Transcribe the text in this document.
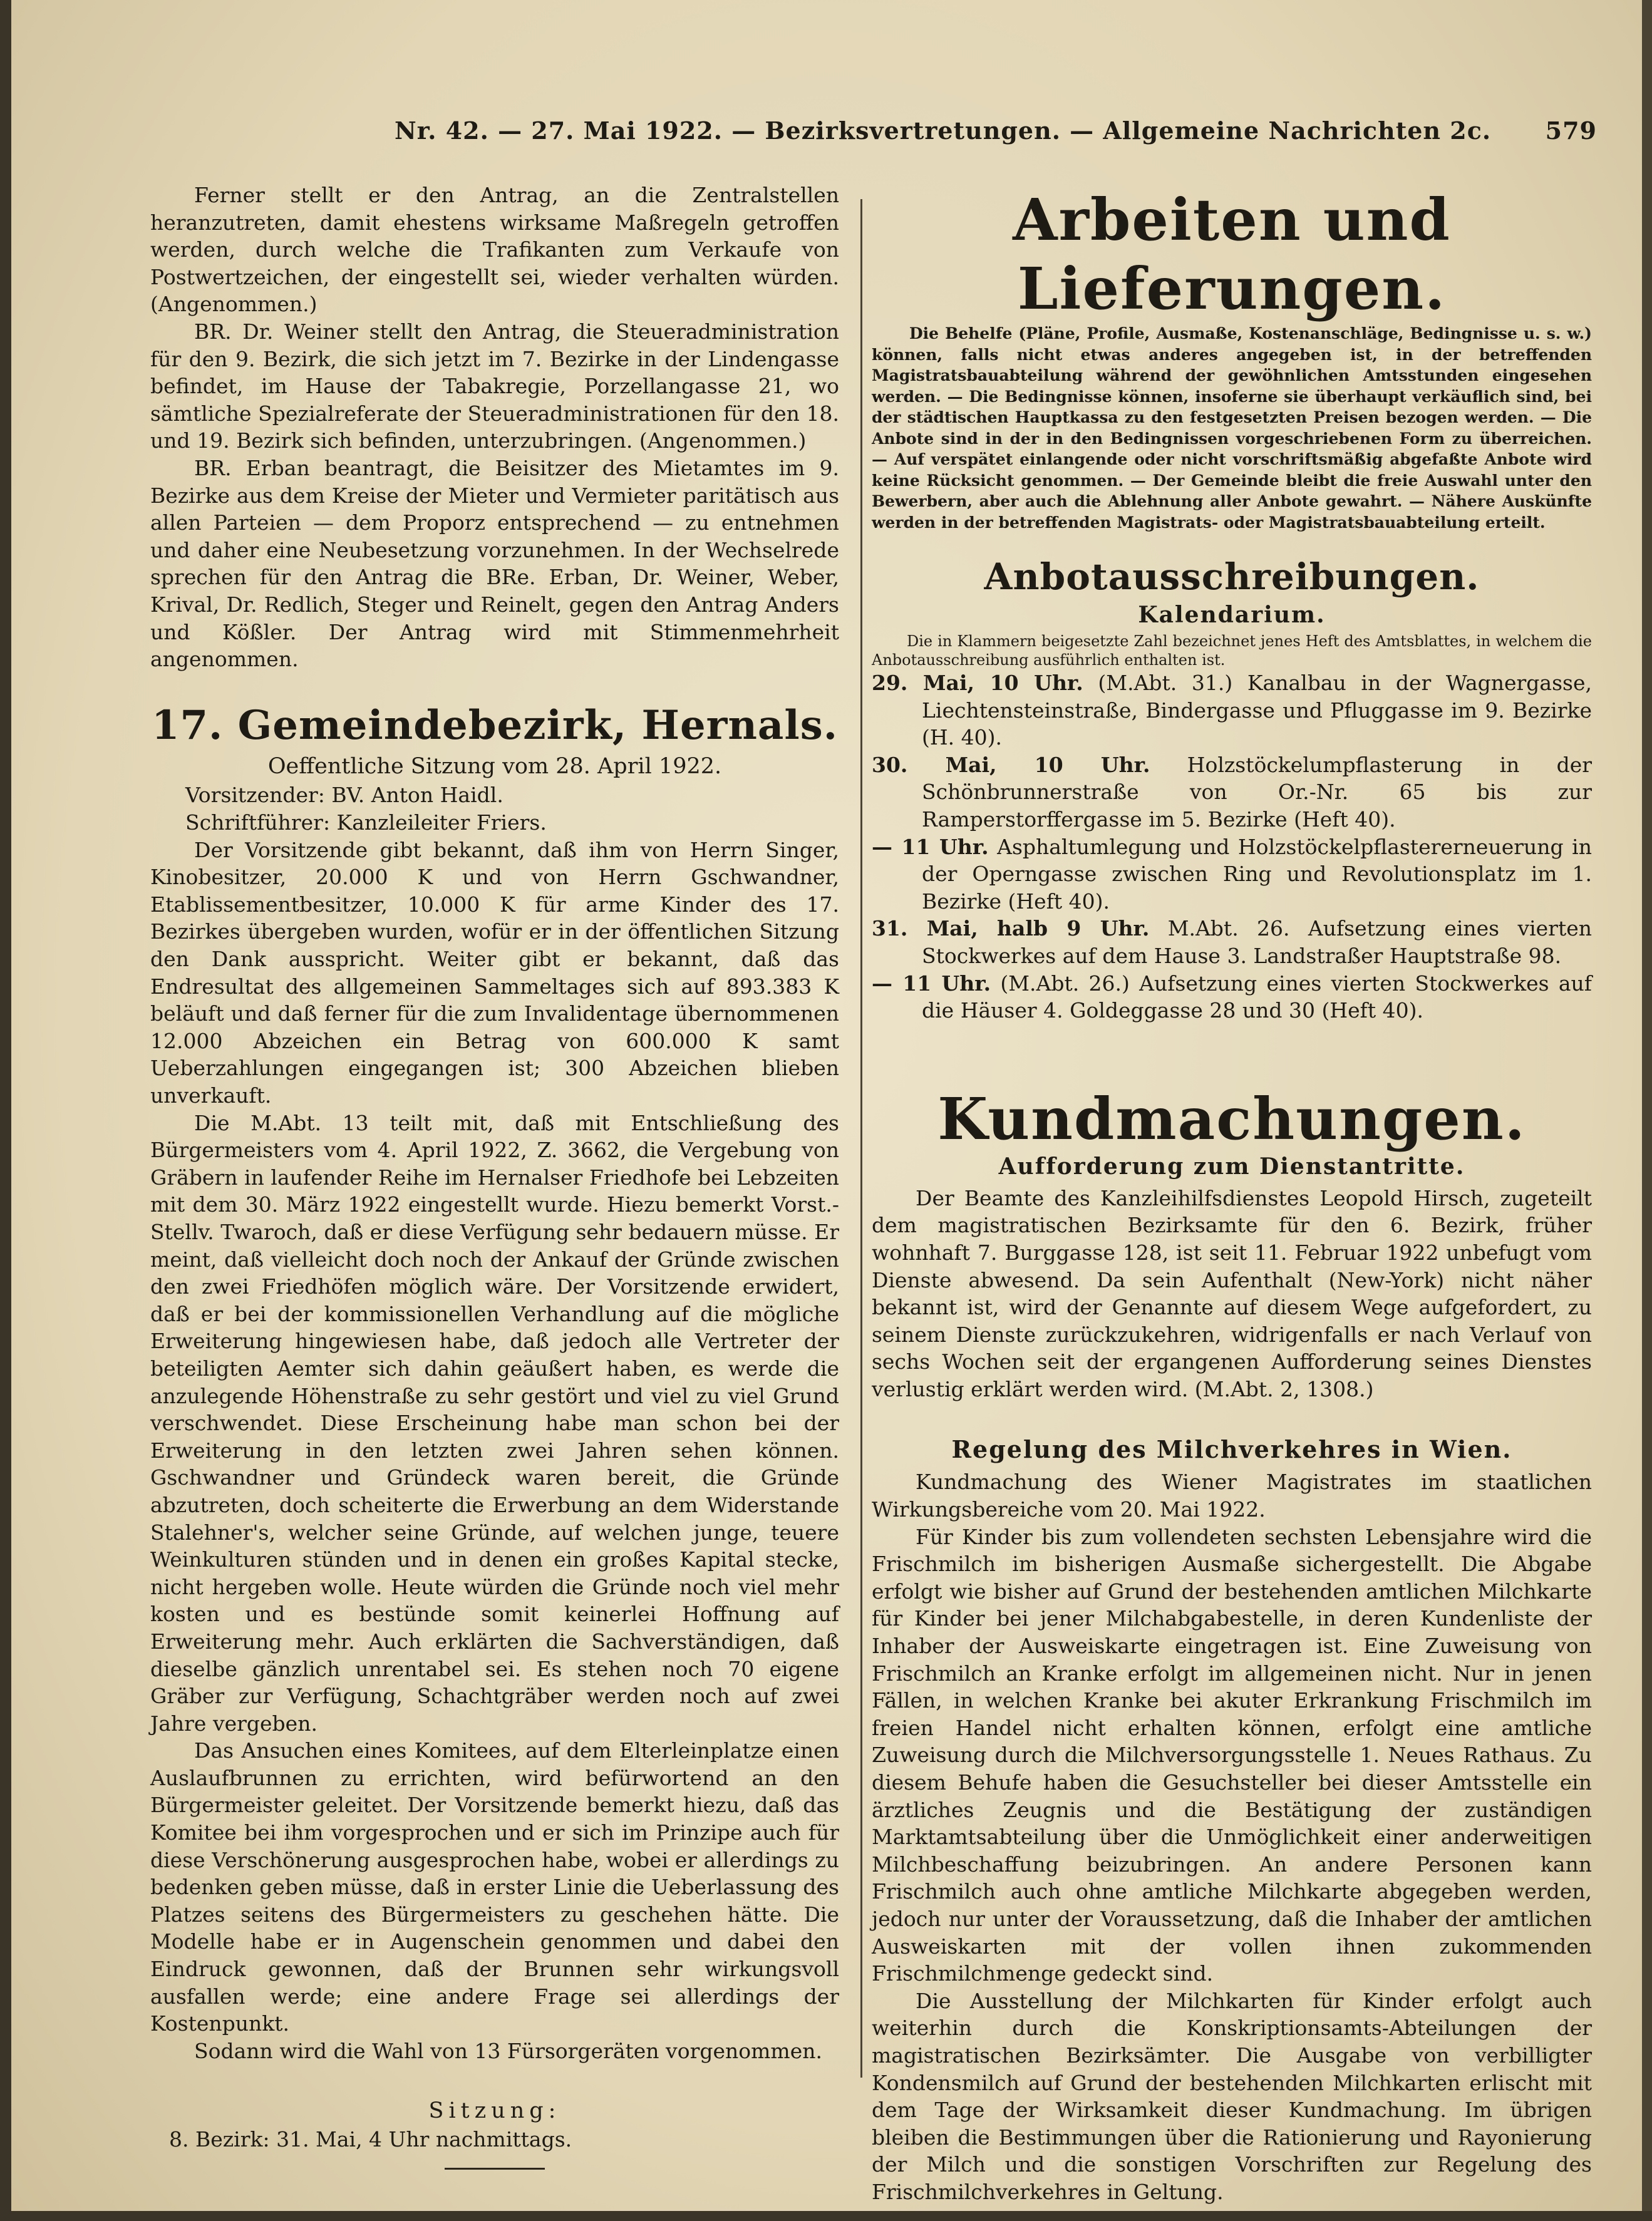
Nr. 42. — 27. Mai 1922. — Bezirksvertretungen. — Allgemeine Nachrichten 2c. 579

Ferner stellt er den Antrag, an die Zentralstellen heranzutreten, damit ehestens wirksame Maßregeln getroffen werden, durch welche die Trafikanten zum Verkaufe von Postwertzeichen, der eingestellt sei, wieder verhalten würden. (Angenommen.)

BR. Dr. Weiner stellt den Antrag, die Steueradministration für den 9. Bezirk, die sich jetzt im 7. Bezirke in der Lindengasse befindet, im Hause der Tabakregie, Porzellangasse 21, wo sämtliche Spezialreferate der Steueradministrationen für den 18. und 19. Bezirk sich befinden, unterzubringen. (Angenommen.)

BR. Erban beantragt, die Beisitzer des Mietamtes im 9. Bezirke aus dem Kreise der Mieter und Vermieter paritätisch aus allen Parteien — dem Proporz entsprechend — zu entnehmen und daher eine Neubesetzung vorzunehmen. In der Wechselrede sprechen für den Antrag die BRe. Erban, Dr. Weiner, Weber, Krival, Dr. Redlich, Steger und Reinelt, gegen den Antrag Anders und Kößler. Der Antrag wird mit Stimmenmehrheit angenommen.

17. Gemeindebezirk, Hernals.
Oeffentliche Sitzung vom 28. April 1922.
Vorsitzender: BV. Anton Haidl.
Schriftführer: Kanzleileiter Friers.

Der Vorsitzende gibt bekannt, daß ihm von Herrn Singer, Kinobesitzer, 20.000 K und von Herrn Gschwandner, Etablissementbesitzer, 10.000 K für arme Kinder des 17. Bezirkes übergeben wurden, wofür er in der öffentlichen Sitzung den Dank ausspricht. Weiter gibt er bekannt, daß das Endresultat des allgemeinen Sammeltages sich auf 893.383 K beläuft und daß ferner für die zum Invalidentage übernommenen 12.000 Abzeichen ein Betrag von 600.000 K samt Ueberzahlungen eingegangen ist; 300 Abzeichen blieben unverkauft.

Die M.Abt. 13 teilt mit, daß mit Entschließung des Bürgermeisters vom 4. April 1922, Z. 3662, die Vergebung von Gräbern in laufender Reihe im Hernalser Friedhofe bei Lebzeiten mit dem 30. März 1922 eingestellt wurde. Hiezu bemerkt Vorst.-Stellv. Twaroch, daß er diese Verfügung sehr bedauern müsse. Er meint, daß vielleicht doch noch der Ankauf der Gründe zwischen den zwei Friedhöfen möglich wäre. Der Vorsitzende erwidert, daß er bei der kommissionellen Verhandlung auf die mögliche Erweiterung hingewiesen habe, daß jedoch alle Vertreter der beteiligten Aemter sich dahin geäußert haben, es werde die anzulegende Höhenstraße zu sehr gestört und viel zu viel Grund verschwendet. Diese Erscheinung habe man schon bei der Erweiterung in den letzten zwei Jahren sehen können. Gschwandner und Gründeck waren bereit, die Gründe abzutreten, doch scheiterte die Erwerbung an dem Widerstande Stalehner's, welcher seine Gründe, auf welchen junge, teuere Weinkulturen stünden und in denen ein großes Kapital stecke, nicht hergeben wolle. Heute würden die Gründe noch viel mehr kosten und es bestünde somit keinerlei Hoffnung auf Erweiterung mehr. Auch erklärten die Sachverständigen, daß dieselbe gänzlich unrentabel sei. Es stehen noch 70 eigene Gräber zur Verfügung, Schachtgräber werden noch auf zwei Jahre vergeben.

Das Ansuchen eines Komitees, auf dem Elterleinplatze einen Auslaufbrunnen zu errichten, wird befürwortend an den Bürgermeister geleitet. Der Vorsitzende bemerkt hiezu, daß das Komitee bei ihm vorgesprochen und er sich im Prinzipe auch für diese Verschönerung ausgesprochen habe, wobei er allerdings zu bedenken geben müsse, daß in erster Linie die Ueberlassung des Platzes seitens des Bürgermeisters zu geschehen hätte. Die Modelle habe er in Augenschein genommen und dabei den Eindruck gewonnen, daß der Brunnen sehr wirkungsvoll ausfallen werde; eine andere Frage sei allerdings der Kostenpunkt.

Sodann wird die Wahl von 13 Fürsorgeräten vorgenommen.

Sitzung:
8. Bezirk: 31. Mai, 4 Uhr nachmittags.
Arbeiten und Lieferungen.

Die Behelfe (Pläne, Profile, Ausmaße, Kostenanschläge, Bedingnisse u. s. w.) können, falls nicht etwas anderes angegeben ist, in der betreffenden Magistratsbauabteilung während der gewöhnlichen Amtsstunden eingesehen werden. — Die Bedingnisse können, insoferne sie überhaupt verkäuflich sind, bei der städtischen Hauptkassa zu den festgesetzten Preisen bezogen werden. — Die Anbote sind in der in den Bedingnissen vorgeschriebenen Form zu überreichen. — Auf verspätet einlangende oder nicht vorschriftsmäßig abgefaßte Anbote wird keine Rücksicht genommen. — Der Gemeinde bleibt die freie Auswahl unter den Bewerbern, aber auch die Ablehnung aller Anbote gewahrt. — Nähere Auskünfte werden in der betreffenden Magistrats- oder Magistratsbauabteilung erteilt.

Anbotausschreibungen.
Kalendarium.

Die in Klammern beigesetzte Zahl bezeichnet jenes Heft des Amtsblattes, in welchem die Anbotausschreibung ausführlich enthalten ist.

29. Mai, 10 Uhr. (M.Abt. 31.) Kanalbau in der Wagnergasse, Liechtensteinstraße, Bindergasse und Pfluggasse im 9. Bezirke (H. 40).
30. Mai, 10 Uhr. Holzstöckelumpflasterung in der Schönbrunnerstraße von Or.-Nr. 65 bis zur Ramperstorffergasse im 5. Bezirke (Heft 40).
— 11 Uhr. Asphaltumlegung und Holzstöckelpflastererneuerung in der Operngasse zwischen Ring und Revolutionsplatz im 1. Bezirke (Heft 40).
31. Mai, halb 9 Uhr. M.Abt. 26. Aufsetzung eines vierten Stockwerkes auf dem Hause 3. Landstraßer Hauptstraße 98.
— 11 Uhr. (M.Abt. 26.) Aufsetzung eines vierten Stockwerkes auf die Häuser 4. Goldeggasse 28 und 30 (Heft 40).
Kundmachungen.
Aufforderung zum Dienstantritte.

Der Beamte des Kanzleihilfsdienstes Leopold Hirsch, zugeteilt dem magistratischen Bezirksamte für den 6. Bezirk, früher wohnhaft 7. Burggasse 128, ist seit 11. Februar 1922 unbefugt vom Dienste abwesend. Da sein Aufenthalt (New-York) nicht näher bekannt ist, wird der Genannte auf diesem Wege aufgefordert, zu seinem Dienste zurückzukehren, widrigenfalls er nach Verlauf von sechs Wochen seit der ergangenen Aufforderung seines Dienstes verlustig erklärt werden wird. (M.Abt. 2, 1308.)

Regelung des Milchverkehres in Wien.

Kundmachung des Wiener Magistrates im staatlichen Wirkungsbereiche vom 20. Mai 1922.

Für Kinder bis zum vollendeten sechsten Lebensjahre wird die Frischmilch im bisherigen Ausmaße sichergestellt. Die Abgabe erfolgt wie bisher auf Grund der bestehenden amtlichen Milchkarte für Kinder bei jener Milchabgabestelle, in deren Kundenliste der Inhaber der Ausweiskarte eingetragen ist. Eine Zuweisung von Frischmilch an Kranke erfolgt im allgemeinen nicht. Nur in jenen Fällen, in welchen Kranke bei akuter Erkrankung Frischmilch im freien Handel nicht erhalten können, erfolgt eine amtliche Zuweisung durch die Milchversorgungsstelle 1. Neues Rathaus. Zu diesem Behufe haben die Gesuchsteller bei dieser Amtsstelle ein ärztliches Zeugnis und die Bestätigung der zuständigen Marktamtsabteilung über die Unmöglichkeit einer anderweitigen Milchbeschaffung beizubringen. An andere Personen kann Frischmilch auch ohne amtliche Milchkarte abgegeben werden, jedoch nur unter der Voraussetzung, daß die Inhaber der amtlichen Ausweiskarten mit der vollen ihnen zukommenden Frischmilchmenge gedeckt sind.

Die Ausstellung der Milchkarten für Kinder erfolgt auch weiterhin durch die Konskriptionsamts-Abteilungen der magistratischen Bezirksämter. Die Ausgabe von verbilligter Kondensmilch auf Grund der bestehenden Milchkarten erlischt mit dem Tage der Wirksamkeit dieser Kundmachung. Im übrigen bleiben die Bestimmungen über die Rationierung und Rayonierung der Milch und die sonstigen Vorschriften zur Regelung des Frischmilchverkehres in Geltung.
